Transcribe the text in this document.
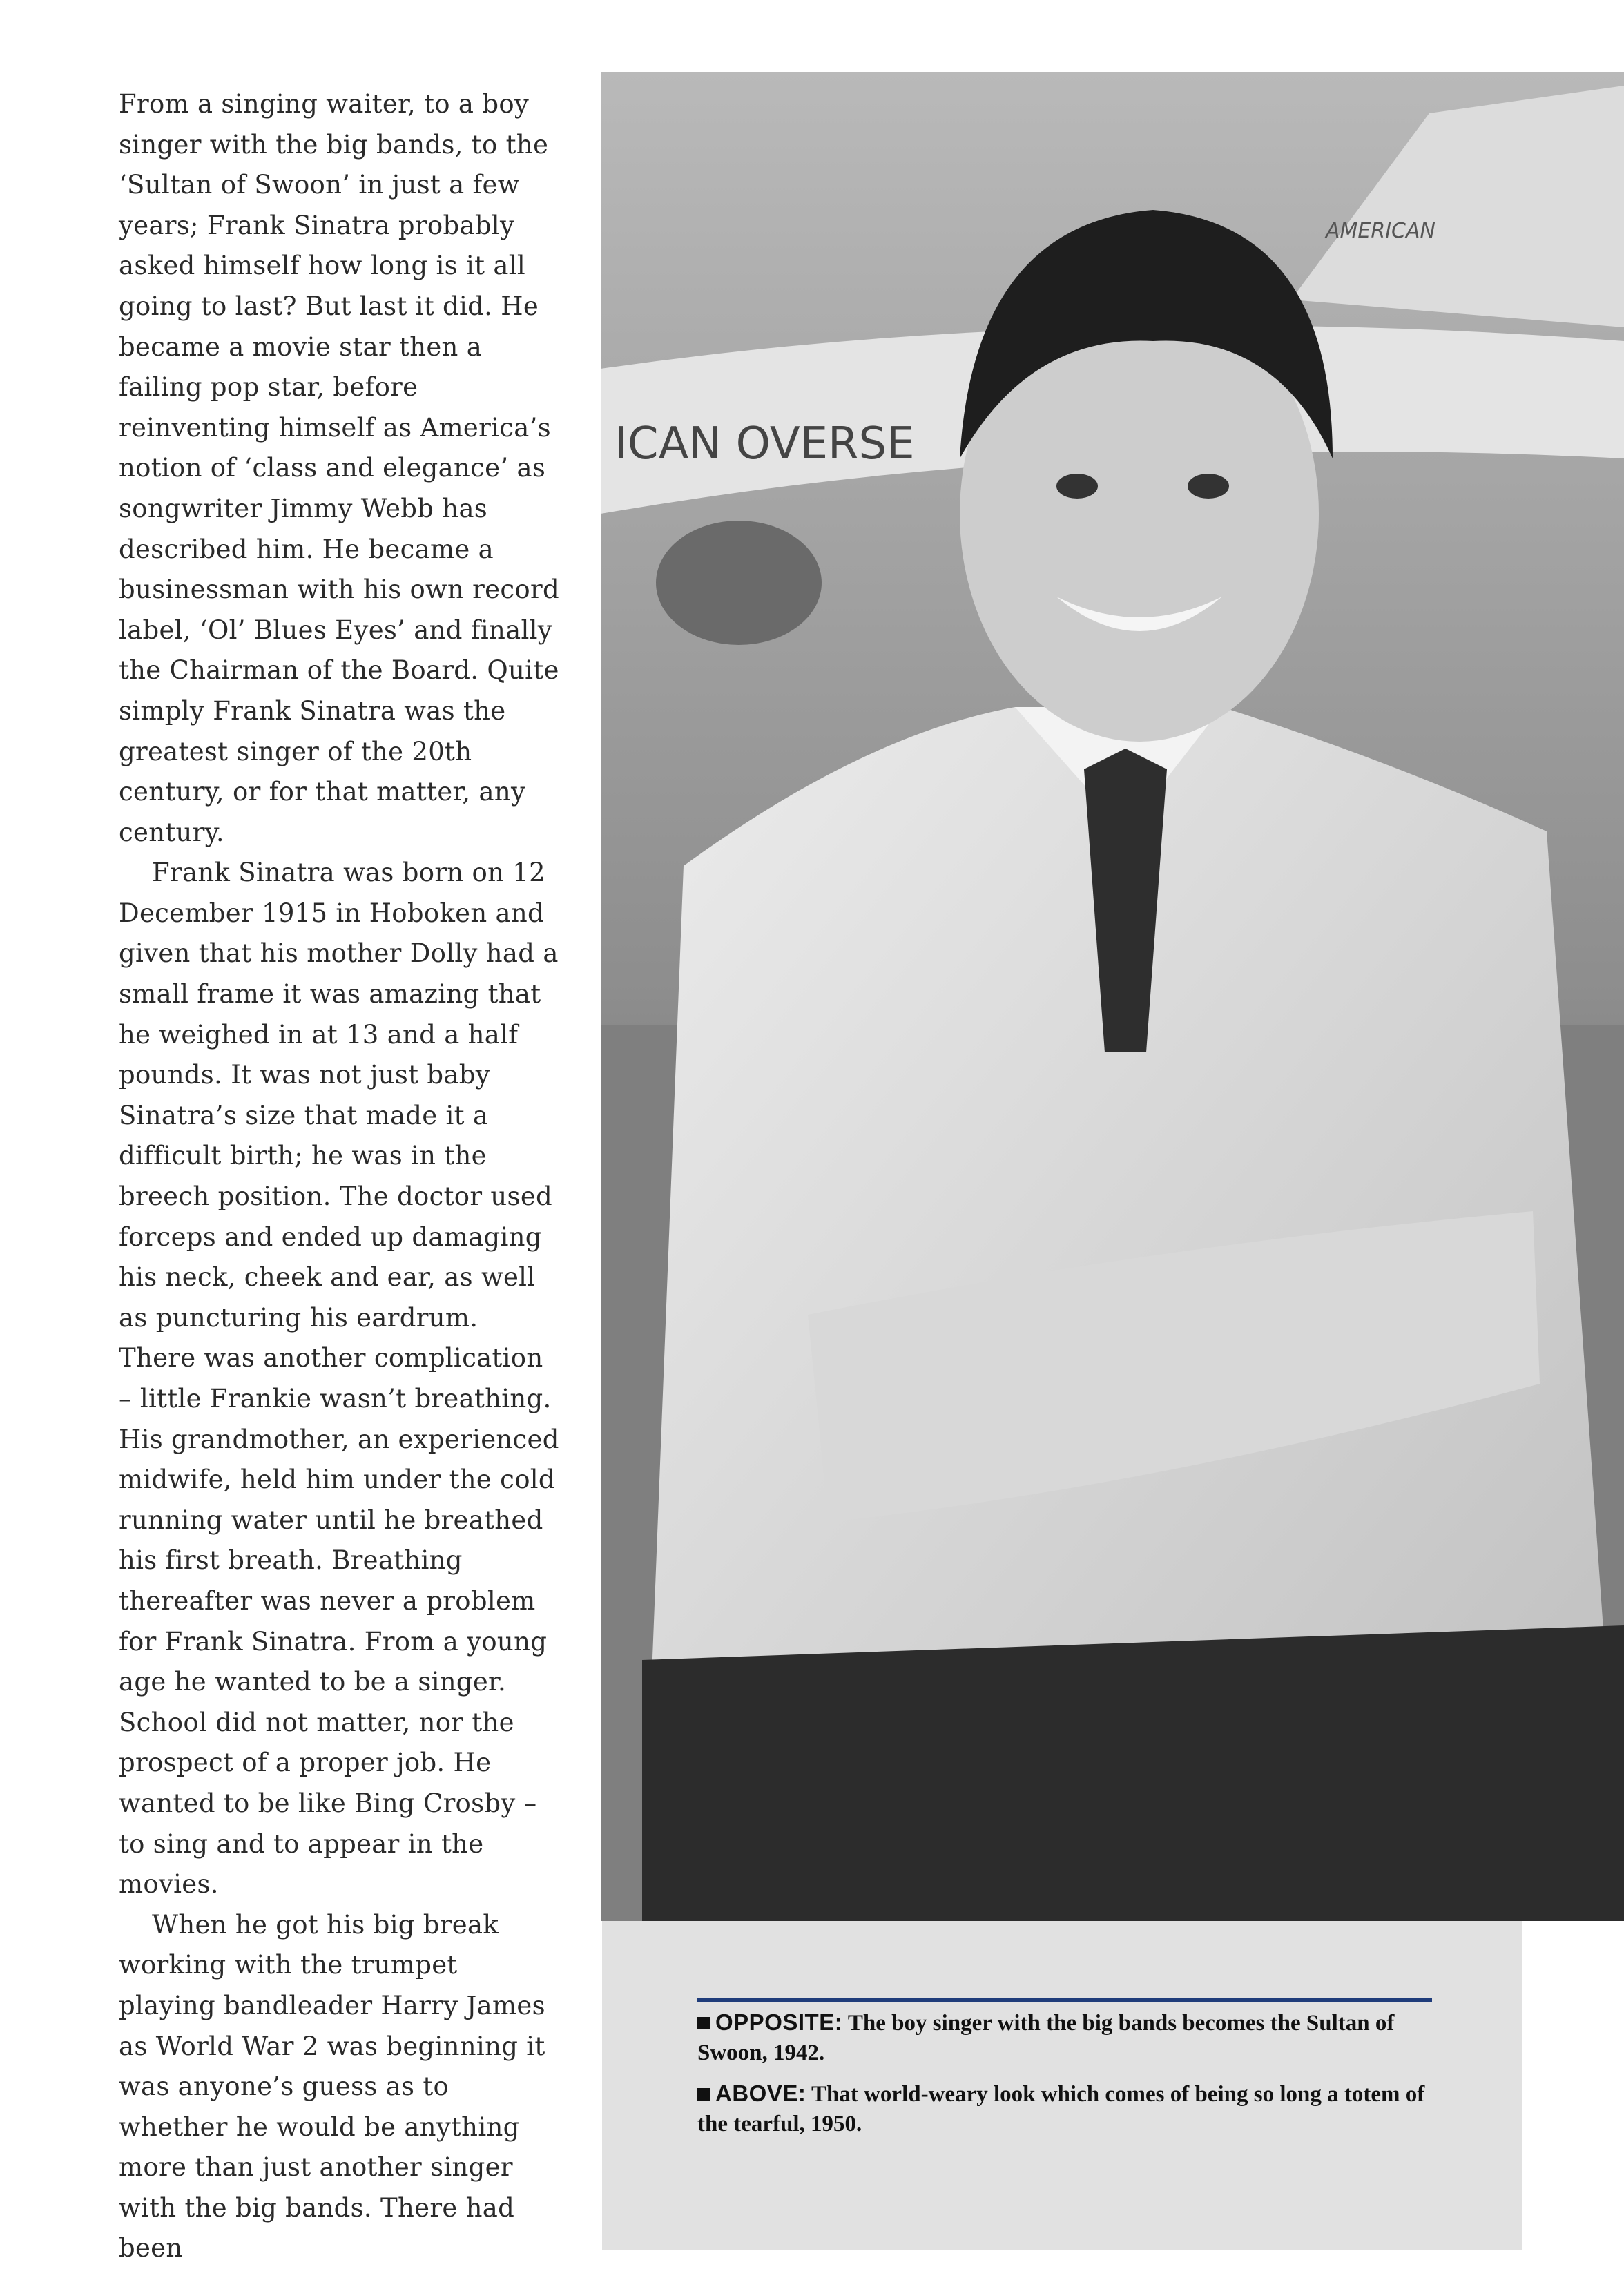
From a singing waiter, to a boy singer with the big bands, to the ‘Sultan of Swoon’ in just a few years; Frank Sinatra probably asked himself how long is it all going to last? But last it did. He became a movie star then a failing pop star, before reinventing himself as America’s notion of ‘class and elegance’ as songwriter Jimmy Webb has described him. He became a businessman with his own record label, ‘Ol’ Blues Eyes’ and finally the Chairman of the Board. Quite simply Frank Sinatra was the greatest singer of the 20th century, or for that matter, any century.

Frank Sinatra was born on 12 December 1915 in Hoboken and given that his mother Dolly had a small frame it was amazing that he weighed in at 13 and a half pounds. It was not just baby Sinatra’s size that made it a difficult birth; he was in the breech position. The doctor used forceps and ended up damaging his neck, cheek and ear, as well as puncturing his eardrum. There was another complication – little Frankie wasn’t breathing. His grandmother, an experienced midwife, held him under the cold running water until he breathed his first breath. Breathing thereafter was never a problem for Frank Sinatra. From a young age he wanted to be a singer. School did not matter, nor the prospect of a proper job. He wanted to be like Bing Crosby – to sing and to appear in the movies.

When he got his big break working with the trumpet playing bandleader Harry James as World War 2 was beginning it was anyone’s guess as to whether he would be anything more than just another singer with the big bands. There had been

AMERICAN
ICAN OVERSE
OPPOSITE: The boy singer with the big bands becomes the Sultan of Swoon, 1942.
ABOVE: That world-weary look which comes of being so long a totem of the tearful, 1950.
